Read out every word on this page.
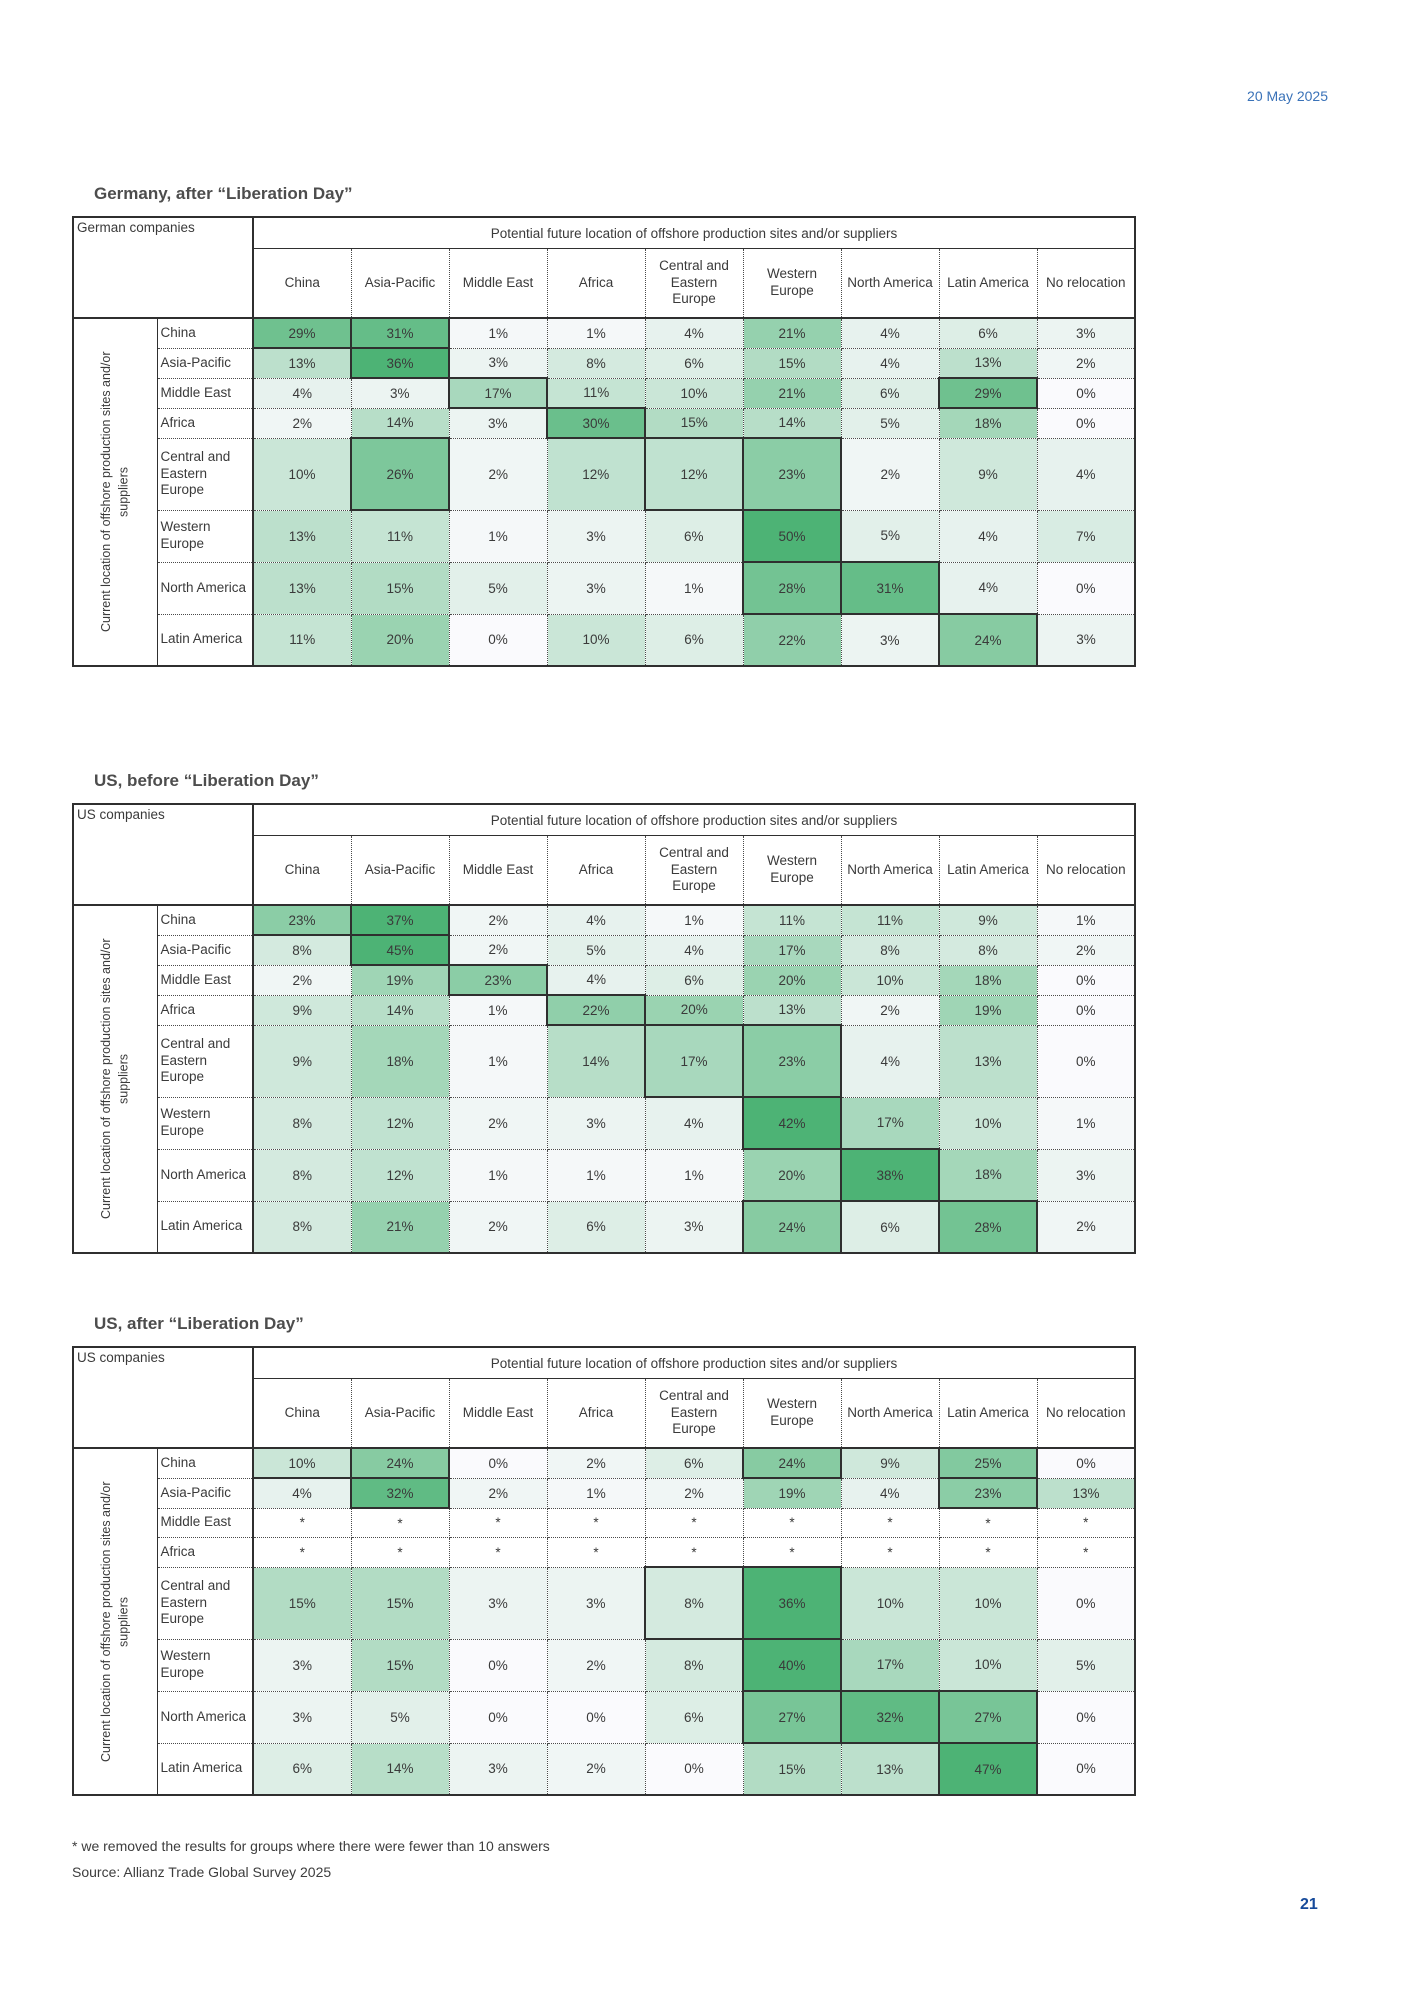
20 May 2025
Germany, after “Liberation Day”
German companies		Potential future location of offshore production sites and/or suppliers								
		China	Asia-Pacific	Middle East	Africa	Central and Eastern Europe	Western Europe	North America	Latin America	No relocation

Current location of offshore production sites and/or suppliers	China	29%	31%	1%	1%	4%	21%	4%	6%	3%
	Asia-Pacific	13%	36%	3%	8%	6%	15%	4%	13%	2%
	Middle East	4%	3%	17%	11%	10%	21%	6%	29%	0%
	Africa	2%	14%	3%	30%	15%	14%	5%	18%	0%
	Central and Eastern Europe	10%	26%	2%	12%	12%	23%	2%	9%	4%
	Western Europe	13%	11%	1%	3%	6%	50%	5%	4%	7%
	North America	13%	15%	5%	3%	1%	28%	31%	4%	0%
	Latin America	11%	20%	0%	10%	6%	22%	3%	24%	3%
US, before “Liberation Day”
US companies		Potential future location of offshore production sites and/or suppliers								
		China	Asia-Pacific	Middle East	Africa	Central and Eastern Europe	Western Europe	North America	Latin America	No relocation

Current location of offshore production sites and/or suppliers	China	23%	37%	2%	4%	1%	11%	11%	9%	1%
	Asia-Pacific	8%	45%	2%	5%	4%	17%	8%	8%	2%
	Middle East	2%	19%	23%	4%	6%	20%	10%	18%	0%
	Africa	9%	14%	1%	22%	20%	13%	2%	19%	0%
	Central and Eastern Europe	9%	18%	1%	14%	17%	23%	4%	13%	0%
	Western Europe	8%	12%	2%	3%	4%	42%	17%	10%	1%
	North America	8%	12%	1%	1%	1%	20%	38%	18%	3%
	Latin America	8%	21%	2%	6%	3%	24%	6%	28%	2%
US, after “Liberation Day”
US companies		Potential future location of offshore production sites and/or suppliers								
		China	Asia-Pacific	Middle East	Africa	Central and Eastern Europe	Western Europe	North America	Latin America	No relocation

Current location of offshore production sites and/or suppliers	China	10%	24%	0%	2%	6%	24%	9%	25%	0%
	Asia-Pacific	4%	32%	2%	1%	2%	19%	4%	23%	13%
	Middle East	*	*	*	*	*	*	*	*	*
	Africa	*	*	*	*	*	*	*	*	*
	Central and Eastern Europe	15%	15%	3%	3%	8%	36%	10%	10%	0%
	Western Europe	3%	15%	0%	2%	8%	40%	17%	10%	5%
	North America	3%	5%	0%	0%	6%	27%	32%	27%	0%
	Latin America	6%	14%	3%	2%	0%	15%	13%	47%	0%
* we removed the results for groups where there were fewer than 10 answers
Source: Allianz Trade Global Survey 2025
21
